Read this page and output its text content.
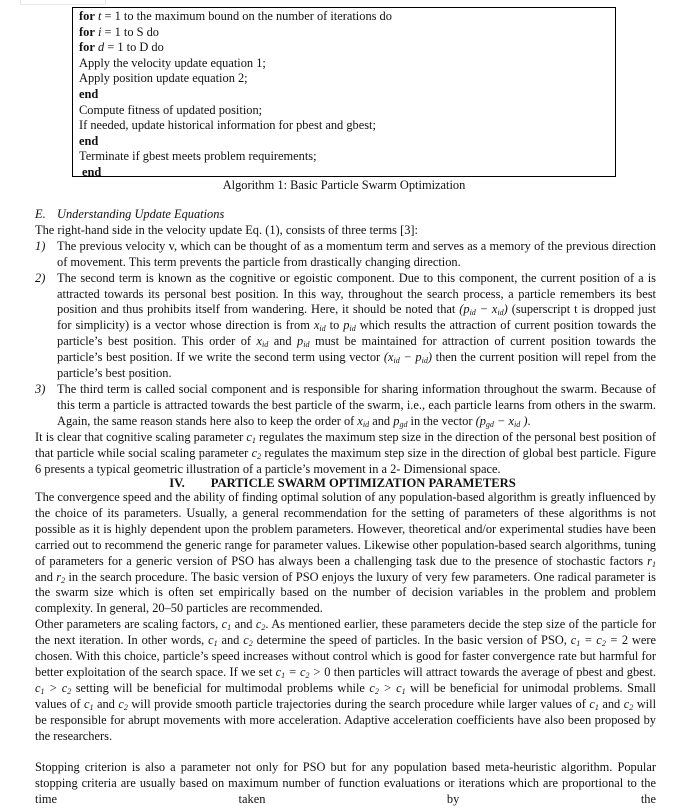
for t = 1 to the maximum bound on the number of iterations do
for i = 1 to S do
for d = 1 to D do
Apply the velocity update equation 1;
Apply position update equation 2;
end
Compute fitness of updated position;
If needed, update historical information for pbest and gbest;
end
Terminate if gbest meets problem requirements;
end
Algorithm 1: Basic Particle Swarm Optimization
E. Understanding Update Equations
The right-hand side in the velocity update Eq. (1), consists of three terms [3]:
1) The previous velocity v, which can be thought of as a momentum term and serves as a memory of the previous direction of movement. This term prevents the particle from drastically changing direction.
2) The second term is known as the cognitive or egoistic component. Due to this component, the current position of a is attracted towards its personal best position. In this way, throughout the search process, a particle remembers its best position and thus prohibits itself from wandering. Here, it should be noted that $(p_{id} - x_{id})$ (superscript t is dropped just for simplicity) is a vector whose direction is from $x_{id}$ to $p_{id}$ which results the attraction of current position towards the particle’s best position. This order of $x_{id}$ and $p_{id}$ must be maintained for attraction of current position towards the particle’s best position. If we write the second term using vector $(x_{id} - p_{id})$ then the current position will repel from the particle’s best position.
3) The third term is called social component and is responsible for sharing information throughout the swarm. Because of this term a particle is attracted towards the best particle of the swarm, i.e., each particle learns from others in the swarm. Again, the same reason stands here also to keep the order of $x_{id}$ and $p_{gd}$ in the vector ($p_{gd} - x_{id}$ ).
It is clear that cognitive scaling parameter $c_1$ regulates the maximum step size in the direction of the personal best position of that particle while social scaling parameter $c_2$ regulates the maximum step size in the direction of global best particle. Figure 6 presents a typical geometric illustration of a particle’s movement in a 2- Dimensional space.
IV. PARTICLE SWARM OPTIMIZATION PARAMETERS
The convergence speed and the ability of finding optimal solution of any population-based algorithm is greatly influenced by the choice of its parameters. Usually, a general recommendation for the setting of parameters of these algorithms is not possible as it is highly dependent upon the problem parameters. However, theoretical and/or experimental studies have been carried out to recommend the generic range for parameter values. Likewise other population-based search algorithms, tuning of parameters for a generic version of PSO has always been a challenging task due to the presence of stochastic factors $r_1$ and $r_2$ in the search procedure. The basic version of PSO enjoys the luxury of very few parameters. One radical parameter is the swarm size which is often set empirically based on the number of decision variables in the problem and problem complexity. In general, 20–50 particles are recommended.
Other parameters are scaling factors, $c_1$ and $c_2$. As mentioned earlier, these parameters decide the step size of the particle for the next iteration. In other words, $c_1$ and $c_2$ determine the speed of particles. In the basic version of PSO, $c_1 = c_2 = 2$ were chosen. With this choice, particle’s speed increases without control which is good for faster convergence rate but harmful for better exploitation of the search space. If we set $c_1 = c_2 > 0$ then particles will attract towards the average of pbest and gbest. $c_1 > c_2$ setting will be beneficial for multimodal problems while $c_2 > c_1$ will be beneficial for unimodal problems. Small values of $c_1$ and $c_2$ will provide smooth particle trajectories during the search procedure while larger values of $c_1$ and $c_2$ will be responsible for abrupt movements with more acceleration. Adaptive acceleration coefficients have also been proposed by the researchers.
Stopping criterion is also a parameter not only for PSO but for any population based meta-heuristic algorithm. Popular stopping criteria are usually based on maximum number of function evaluations or iterations which are proportional to the time taken by the
